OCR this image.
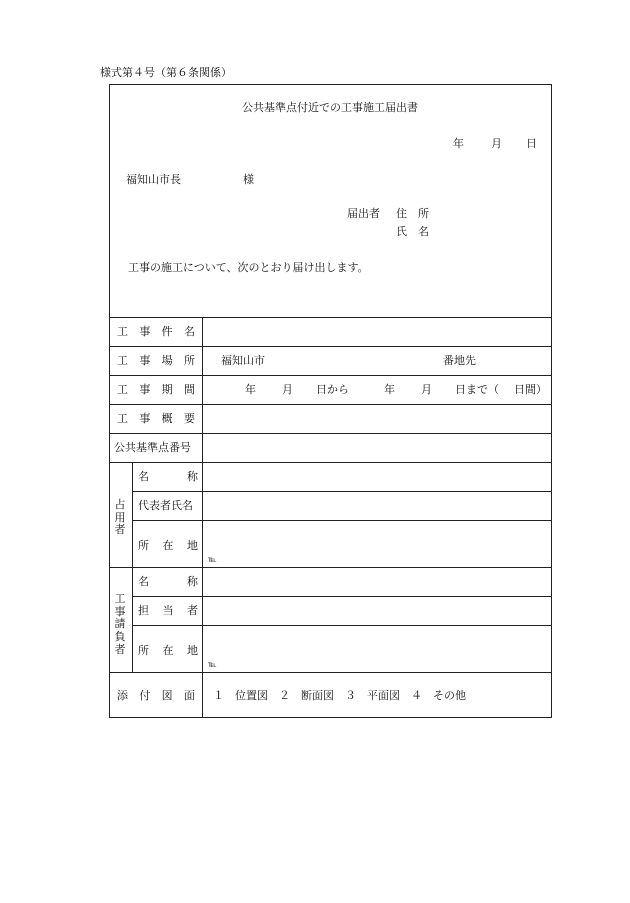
様式第４号（第６条関係）
公共基準点付近での工事施工届出書
年 月 日
福知山市長	様
届出者 住　所
氏　名
工事の施工について、次のとおり届け出します。
工 事 件 名
工 事 場 所 福知山市	番地先
工 事 期 間	年 月 日から	年 月 日まで（ 日間）
工 事 概 要
公共基準点番号
占用者
名	称
代表者氏名
所 在 地
℡
工事請負者
名	称
担 当 者
所 在 地
℡
添 付 図 面 １　位置図　２　断面図　３　平面図　４　その他
